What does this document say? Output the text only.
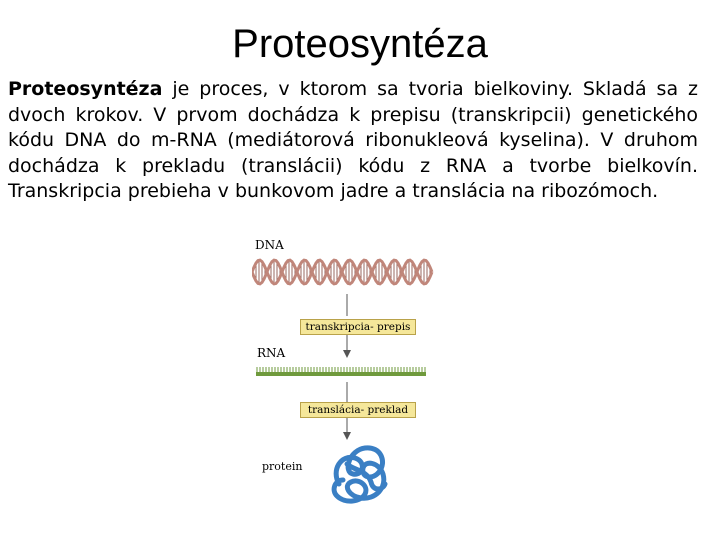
Proteosyntéza
Proteosyntéza je proces, v ktorom sa tvoria bielkoviny. Skladá sa z dvoch krokov. V prvom dochádza k prepisu (transkripcii) genetického kódu DNA do m-RNA (mediátorová ribonukleová kyselina). V druhom dochádza k prekladu (translácii) kódu z RNA a tvorbe bielkovín. Transkripcia prebieha v bunkovom jadre a translácia na ribozómoch.
DNA
transkripcia- prepis
RNA
translácia- preklad
protein
